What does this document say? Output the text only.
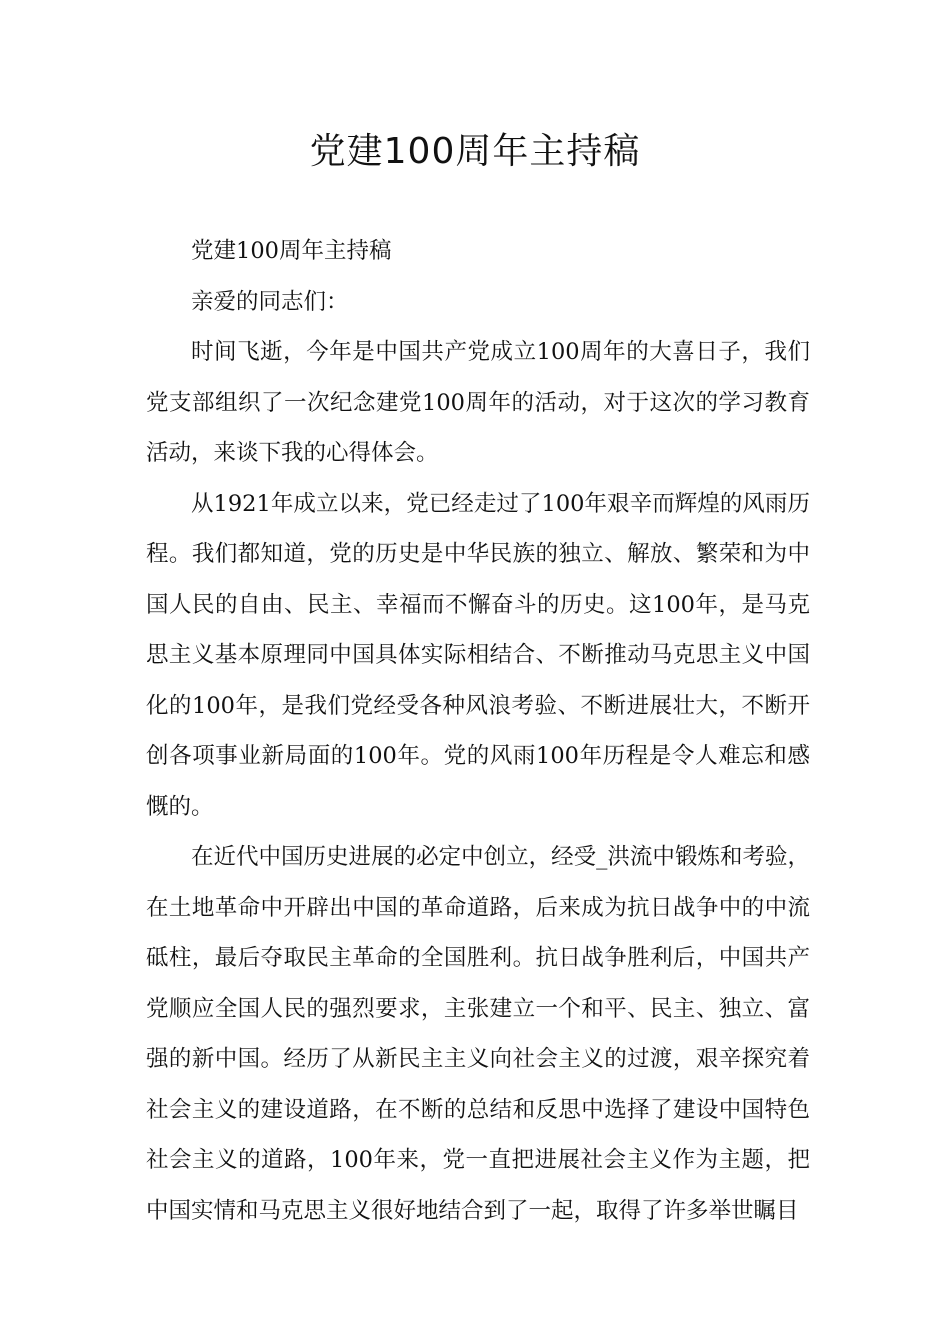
党建100周年主持稿

党建100周年主持稿

亲爱的同志们：

时间飞逝，今年是中国共产党成立100周年的大喜日子，我们党支部组织了一次纪念建党100周年的活动，对于这次的学习教育活动，来谈下我的心得体会。

从1921年成立以来，党已经走过了100年艰辛而辉煌的风雨历程。我们都知道，党的历史是中华民族的独立、解放、繁荣和为中国人民的自由、民主、幸福而不懈奋斗的历史。这100年，是马克思主义基本原理同中国具体实际相结合、不断推动马克思主义中国化的100年，是我们党经受各种风浪考验、不断进展壮大，不断开创各项事业新局面的100年。党的风雨100年历程是令人难忘和感慨的。

在近代中国历史进展的必定中创立，经受_洪流中锻炼和考验，在土地革命中开辟出中国的革命道路，后来成为抗日战争中的中流砥柱，最后夺取民主革命的全国胜利。抗日战争胜利后，中国共产党顺应全国人民的强烈要求，主张建立一个和平、民主、独立、富强的新中国。经历了从新民主主义向社会主义的过渡，艰辛探究着社会主义的建设道路，在不断的总结和反思中选择了建设中国特色社会主义的道路，100年来，党一直把进展社会主义作为主题，把中国实情和马克思主义很好地结合到了一起，取得了许多举世瞩目
